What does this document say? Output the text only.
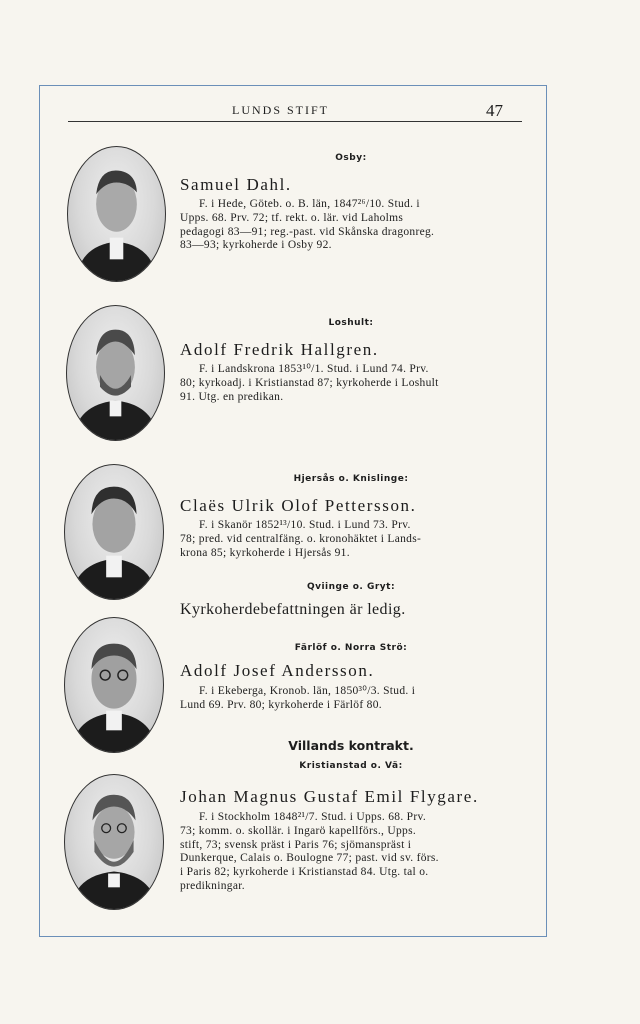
LUNDS STIFT	47
Osby:
Samuel Dahl.
F. i Hede, Göteb. o. B. län, 1847²⁶/10. Stud. i
Upps. 68. Prv. 72; tf. rekt. o. lär. vid Laholms
pedagogi 83—91; reg.-past. vid Skånska dragonreg.
83—93; kyrkoherde i Osby 92.
Loshult:
Adolf Fredrik Hallgren.
F. i Landskrona 1853¹⁰/1. Stud. i Lund 74. Prv.
80; kyrkoadj. i Kristianstad 87; kyrkoherde i Loshult
91. Utg. en predikan.
Hjersås o. Knislinge:
Claës Ulrik Olof Pettersson.
F. i Skanör 1852¹³/10. Stud. i Lund 73. Prv.
78; pred. vid centralfäng. o. kronohäktet i Lands-
krona 85; kyrkoherde i Hjersås 91.
Qviinge o. Gryt:
Kyrkoherdebefattningen är ledig.
Färlöf o. Norra Strö:
Adolf Josef Andersson.
F. i Ekeberga, Kronob. län, 1850³⁰/3. Stud. i
Lund 69. Prv. 80; kyrkoherde i Färlöf 80.
Villands kontrakt.
Kristianstad o. Vä:
Johan Magnus Gustaf Emil Flygare.
F. i Stockholm 1848²¹/7. Stud. i Upps. 68. Prv.
73; komm. o. skollär. i Ingarö kapellförs., Upps.
stift, 73; svensk präst i Paris 76; sjömanspräst i
Dunkerque, Calais o. Boulogne 77; past. vid sv. förs.
i Paris 82; kyrkoherde i Kristianstad 84. Utg. tal o.
predikningar.
